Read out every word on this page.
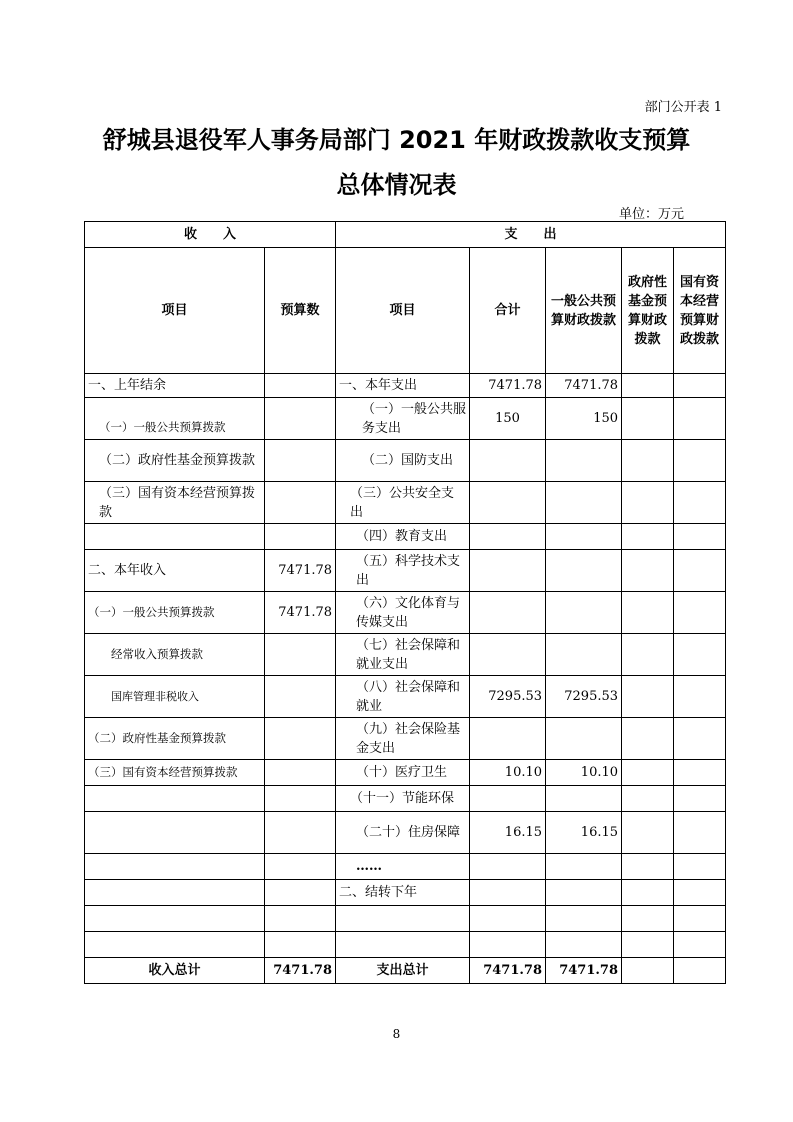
部门公开表 1
舒城县退役军人事务局部门 2021 年财政拨款收支预算
总体情况表
单位：万元
收　　入		支　　出				
项目	预算数	项目	合计	一般公共预算财政拨款	政府性基金预算财政拨款	国有资本经营预算财政拨款
一、上年结余		一、本年支出	7471.78	7471.78		
（一）一般公共预算拨款		（一）一般公共服务支出	150	150		
（二）政府性基金预算拨款		（二）国防支出				
（三）国有资本经营预算拨款		（三）公共安全支出				
		（四）教育支出				
二、本年收入	7471.78	（五）科学技术支出				
（一）一般公共预算拨款	7471.78	（六）文化体育与传媒支出				
经常收入预算拨款		（七）社会保障和就业支出				
国库管理非税收入		（八）社会保障和就业	7295.53	7295.53		
（二）政府性基金预算拨款		（九）社会保险基金支出				
（三）国有资本经营预算拨款		（十）医疗卫生	10.10	10.10		
		（十一）节能环保				
		（二十）住房保障	16.15	16.15		
		……				
		二、结转下年				

收入总计	7471.78	支出总计	7471.78	7471.78		
8
